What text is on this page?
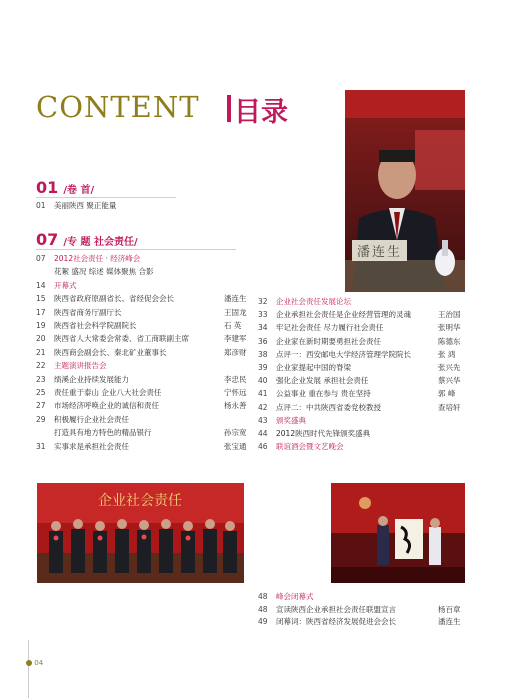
CONTENT 目录
潘连生
01 /卷 首/
01 美丽陕西 聚正能量
07 /专 题 社会责任/
07 2012社会责任 · 经济峰会
花絮 盛况 综述 媒体聚焦 合影
14 开幕式
15 陕西省政府原副省长、省经促会会长	潘连生
17 陕西省商务厅副厅长	王固龙
19 陕西省社会科学院副院长	石 英
20 陕西省人大常委会常委、省工商联副主席	李建军
21 陕西商会副会长、秦北矿业董事长	郑彦财
22 主题演讲报告会
23 绩溪企业持续发展能力	李忠民
25 责任重于泰山 企业八大社会责任	宁怀远
27 市场经济呼唤企业的诚信和责任	杨永善
29 积极履行企业社会责任
打造具有地方特色的精品银行	孙宗宽
31 实事求是承担社会责任	张宝通
32 企业社会责任发展论坛
33 企业承担社会责任是企业经营管理的灵魂	王治国
34 牢记社会责任 尽力履行社会责任	张明华
36 企业家在新时期要勇担社会责任	陈德东
38 点评一：西安邮电大学经济管理学院院长	张 鸿
39 企业家提起中国的脊梁	张兴先
40 强化企业发展 承担社会责任	蔡兴华
41 公益事业 重在参与 贵在坚持	郭 峰
42 点评二：中共陕西省委党校教授	查培轩
43 颁奖盛典
44 2012陕西时代先锋颁奖盛典
46 联谊酒会暨文艺晚会
48 峰会闭幕式
48 宣读陕西企业承担社会责任联盟宣言	杨百章
49 闭幕词：陕西省经济发展促进会会长	潘连生
企业社会责任
04
